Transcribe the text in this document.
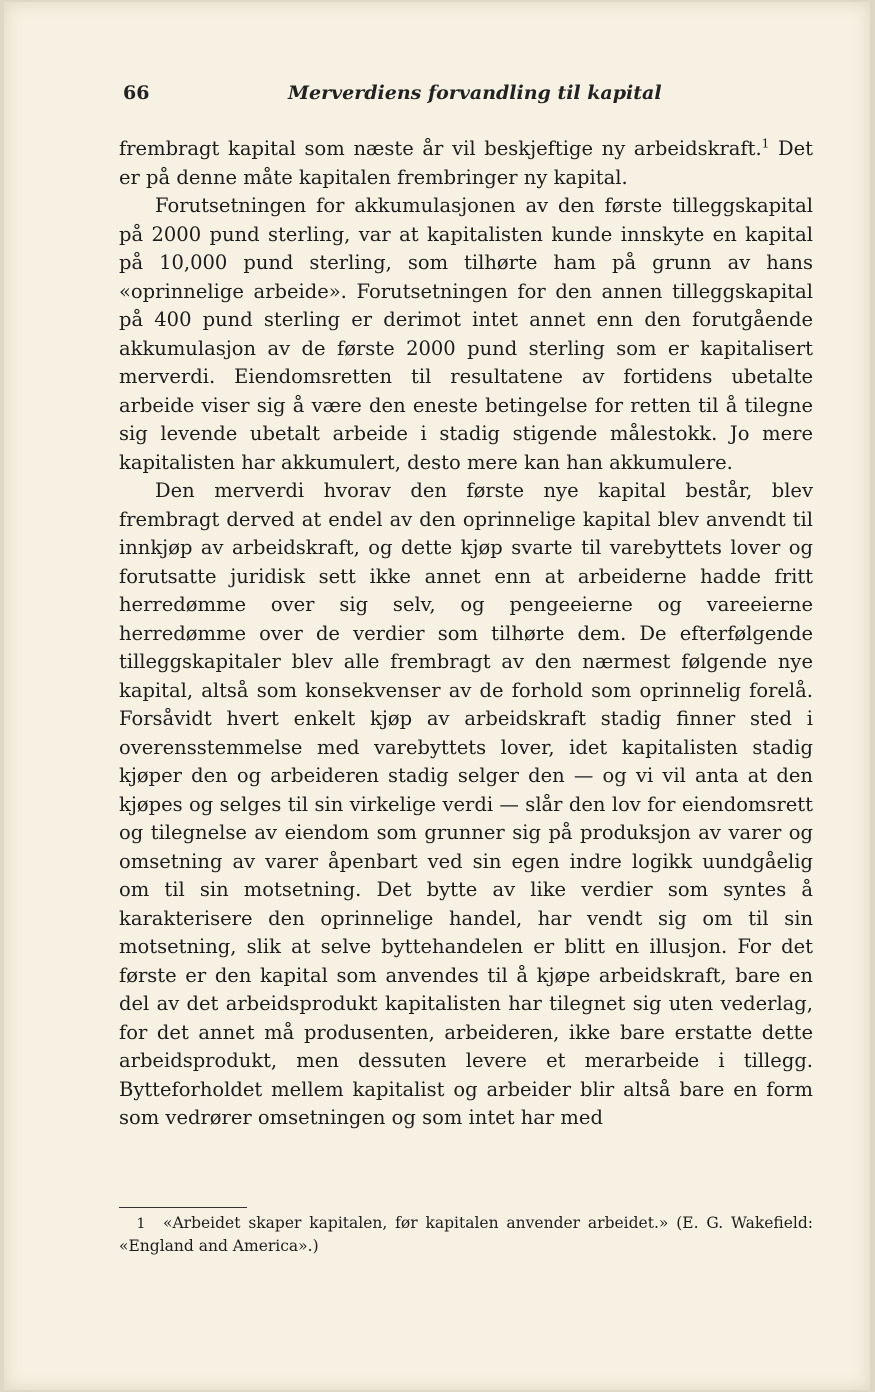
66	Merverdiens forvandling til kapital

frembragt kapital som næste år vil beskjeftige ny arbeidskraft.$^1$ Det er på denne måte kapitalen frembringer ny kapital.

Forutsetningen for akkumulasjonen av den første tilleggskapital på 2000 pund sterling, var at kapitalisten kunde innskyte en kapital på 10,000 pund sterling, som tilhørte ham på grunn av hans «oprinnelige arbeide». Forutsetningen for den annen tilleggskapital på 400 pund sterling er derimot intet annet enn den forutgående akkumulasjon av de første 2000 pund sterling som er kapitalisert merverdi. Eiendomsretten til resultatene av fortidens ubetalte arbeide viser sig å være den eneste betingelse for retten til å tilegne sig levende ubetalt arbeide i stadig stigende målestokk. Jo mere kapitalisten har akkumulert, desto mere kan han akkumulere.

Den merverdi hvorav den første nye kapital består, blev frembragt derved at endel av den oprinnelige kapital blev anvendt til innkjøp av arbeidskraft, og dette kjøp svarte til varebyttets lover og forutsatte juridisk sett ikke annet enn at arbeiderne hadde fritt herredømme over sig selv, og pengeeierne og vareeierne herredømme over de verdier som tilhørte dem. De efterfølgende tilleggskapitaler blev alle frembragt av den nærmest følgende nye kapital, altså som konsekvenser av de forhold som oprinnelig forelå. Forsåvidt hvert enkelt kjøp av arbeidskraft stadig finner sted i overensstemmelse med varebyttets lover, idet kapitalisten stadig kjøper den og arbeideren stadig selger den — og vi vil anta at den kjøpes og selges til sin virkelige verdi — slår den lov for eiendomsrett og tilegnelse av eiendom som grunner sig på produksjon av varer og omsetning av varer åpenbart ved sin egen indre logikk uundgåelig om til sin motsetning. Det bytte av like verdier som syntes å karakterisere den oprinnelige handel, har vendt sig om til sin motsetning, slik at selve byttehandelen er blitt en illusjon. For det første er den kapital som anvendes til å kjøpe arbeidskraft, bare en del av det arbeidsprodukt kapitalisten har tilegnet sig uten vederlag, for det annet må produsenten, arbeideren, ikke bare erstatte dette arbeidsprodukt, men dessuten levere et merarbeide i tillegg. Bytteforholdet mellem kapitalist og arbeider blir altså bare en form som vedrører omsetningen og som intet har med

1 «Arbeidet skaper kapitalen, før kapitalen anvender arbeidet.» (E. G. Wakefield: «England and America».)
